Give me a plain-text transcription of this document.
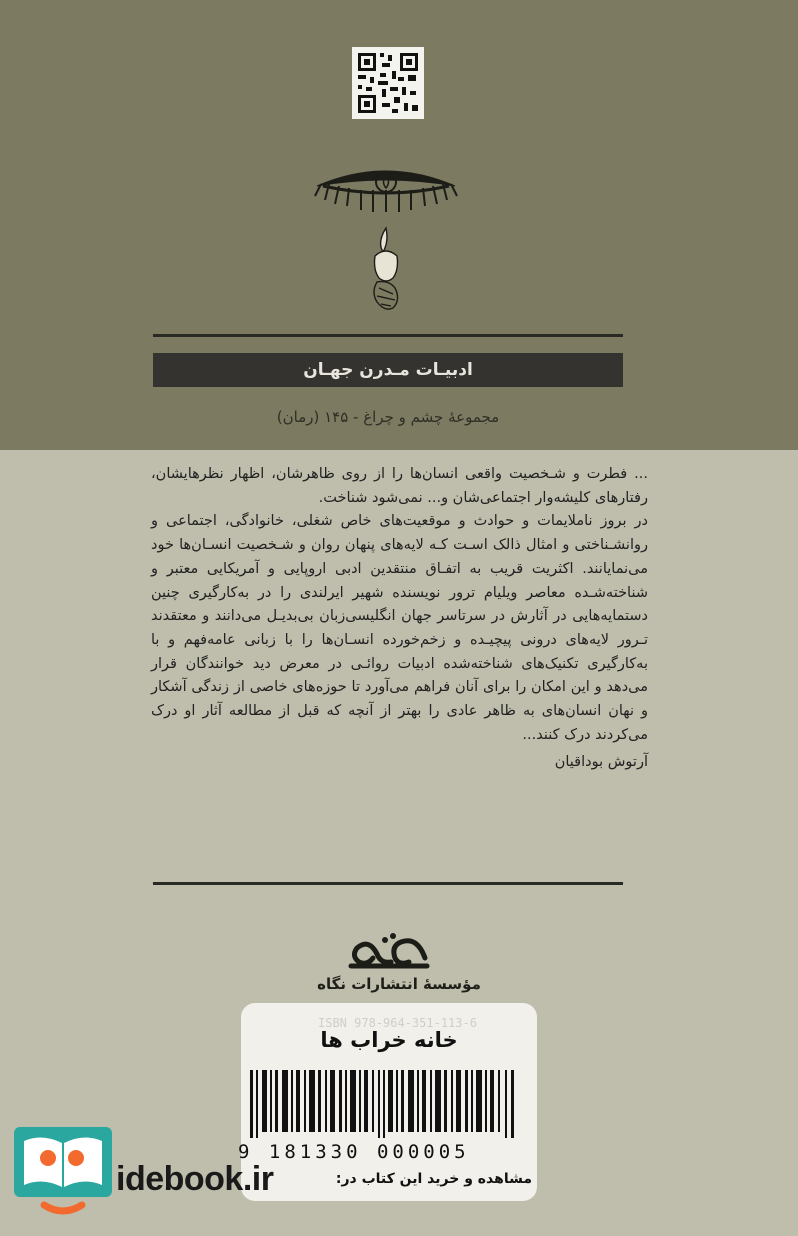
ادبیـات مـدرن جهـان
مجموعهٔ چشم و چراغ - ۱۴۵ (رمان)

... فطرت و شـخصیت واقعی انسان‌ها را از روی ظاهرشان، اظهار نظرهایشان، رفتارهای کلیشه‌وار اجتماعی‌شان و... نمی‌شود شناخت.

در بروز ناملایمات و حوادث و موقعیت‌های خاص شغلی، خانوادگی، اجتماعی و روانشـناختی و امثال ذالک اسـت کـه لایه‌های پنهان روان و شـخصیت انسـان‌ها خود می‌نمایانند. اکثریت قریب به اتفـاق منتقدین ادبی اروپایی و آمریکایی معتبر و شناخته‌شـده معاصر ویلیام ترور نویسنده شهیر ایرلندی را در به‌کارگیری چنین دستمایه‌هایی در آثارش در سرتاسر جهان انگلیسی‌زبان بی‌بدیـل می‌دانند و معتقدند تـرور لایه‌های درونی پیچیـده و زخم‌خورده انسـان‌ها را با زبانی عامه‌فهم و با به‌کارگیری تکنیک‌های شناخته‌شده ادبیات روائـی در معرض دید خوانندگان قرار می‌دهد و این امکان را برای آنان فراهم می‌آورد تا حوزه‌های خاصی از زندگی آشکار و نهان انسان‌های به ظاهر عادی را بهتر از آنچه که قبل از مطالعه آثار او درک می‌کردند درک کنند...

آرتوش بوداقیان

مؤسسهٔ انتشارات نگاه
ISBN 978-964-351-113-6
خانه خراب ها
9 181330 000005
مشاهده و خرید این کتاب در:
idebook.ir
